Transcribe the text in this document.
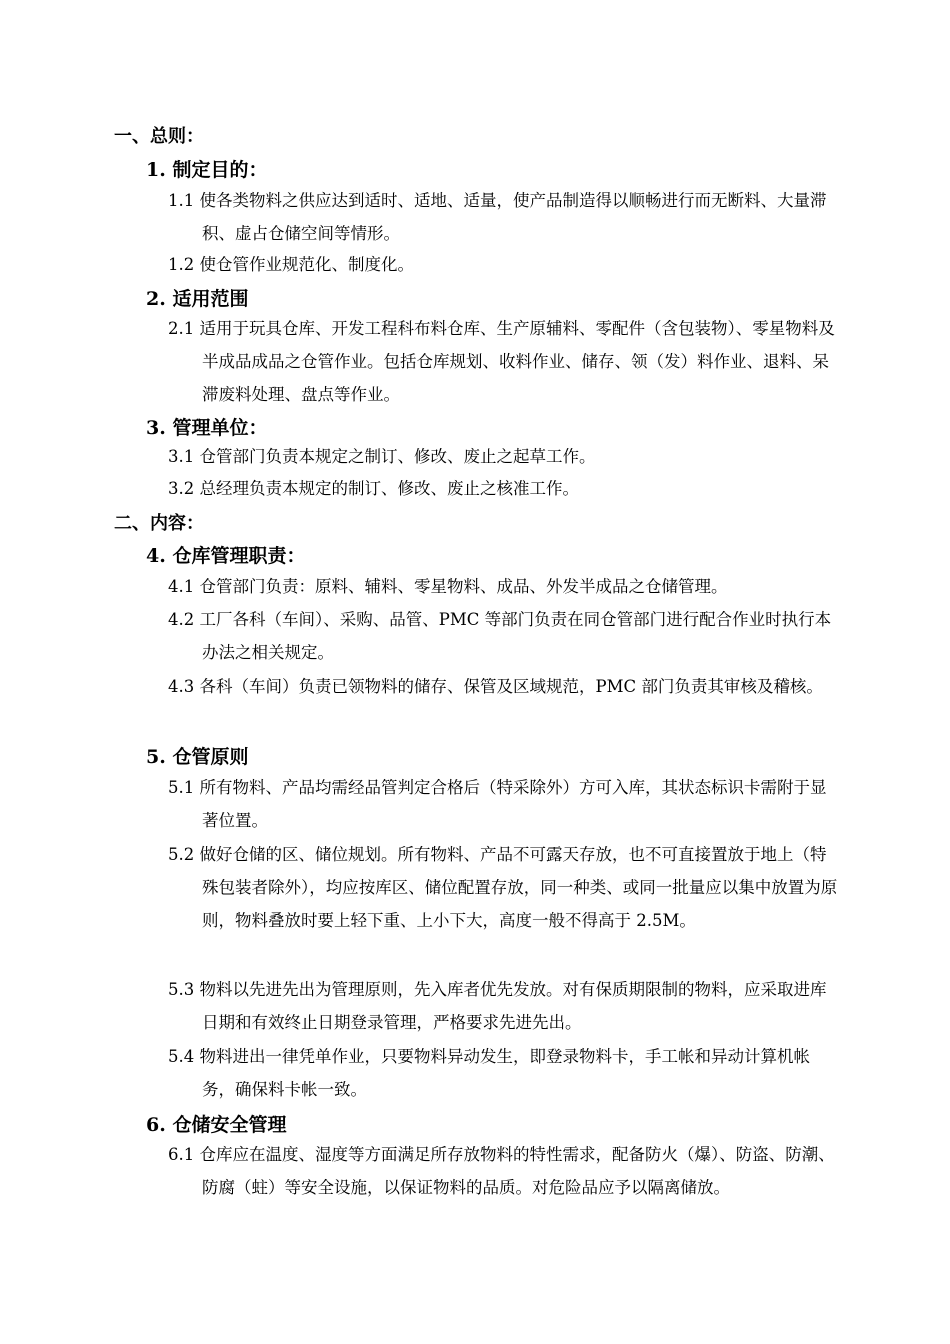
一、总则：
1. 制定目的：
1.1 使各类物料之供应达到适时、适地、适量，使产品制造得以顺畅进行而无断料、大量滞积、虚占仓储空间等情形。
1.2 使仓管作业规范化、制度化。
2. 适用范围
2.1 适用于玩具仓库、开发工程科布料仓库、生产原辅料、零配件（含包装物）、零星物料及半成品成品之仓管作业。包括仓库规划、收料作业、储存、领（发）料作业、退料、呆滞废料处理、盘点等作业。
3. 管理单位：
3.1 仓管部门负责本规定之制订、修改、废止之起草工作。
3.2 总经理负责本规定的制订、修改、废止之核准工作。
二、内容：
4. 仓库管理职责：
4.1 仓管部门负责：原料、辅料、零星物料、成品、外发半成品之仓储管理。
4.2 工厂各科（车间）、采购、品管、PMC 等部门负责在同仓管部门进行配合作业时执行本办法之相关规定。
4.3 各科（车间）负责已领物料的储存、保管及区域规范，PMC 部门负责其审核及稽核。
5. 仓管原则
5.1 所有物料、产品均需经品管判定合格后（特采除外）方可入库，其状态标识卡需附于显著位置。
5.2 做好仓储的区、储位规划。所有物料、产品不可露天存放，也不可直接置放于地上（特殊包装者除外），均应按库区、储位配置存放，同一种类、或同一批量应以集中放置为原则，物料叠放时要上轻下重、上小下大，高度一般不得高于 2.5M。
5.3 物料以先进先出为管理原则，先入库者优先发放。对有保质期限制的物料，应采取进库日期和有效终止日期登录管理，严格要求先进先出。
5.4 物料进出一律凭单作业，只要物料异动发生，即登录物料卡，手工帐和异动计算机帐务，确保料卡帐一致。
6. 仓储安全管理
6.1 仓库应在温度、湿度等方面满足所存放物料的特性需求，配备防火（爆）、防盗、防潮、防腐（蛀）等安全设施，以保证物料的品质。对危险品应予以隔离储放。
